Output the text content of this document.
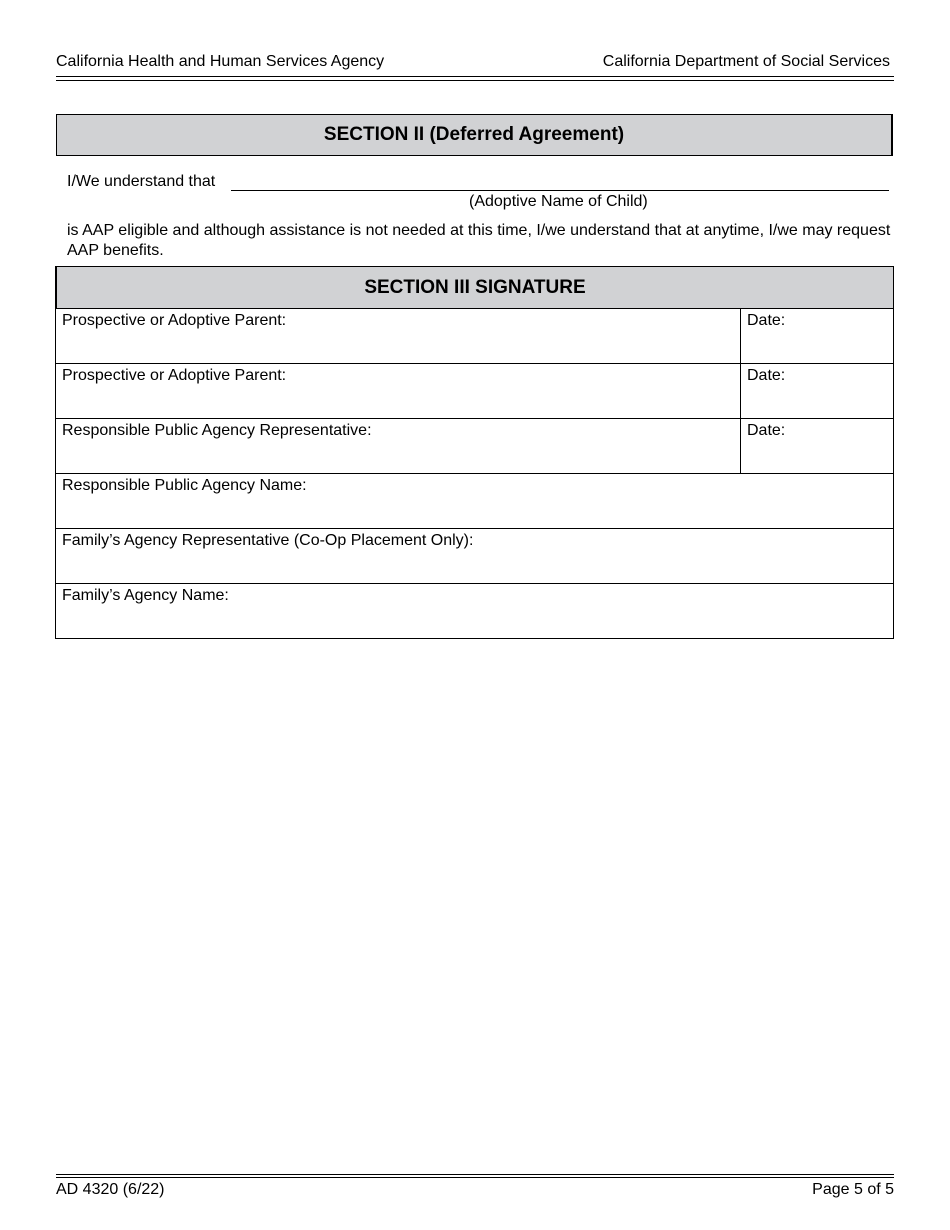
California Health and Human Services Agency	California Department of Social Services
SECTION II (Deferred Agreement)
I/We understand that
(Adoptive Name of Child)
is AAP eligible and although assistance is not needed at this time, I/we understand that at anytime, I/we may request AAP benefits.
SECTION III SIGNATURE
Prospective or Adoptive Parent:	Date:
Prospective or Adoptive Parent:	Date:
Responsible Public Agency Representative:	Date:
Responsible Public Agency Name:	
Family’s Agency Representative (Co-Op Placement Only):	
Family’s Agency Name:	
AD 4320 (6/22)	Page 5 of 5
